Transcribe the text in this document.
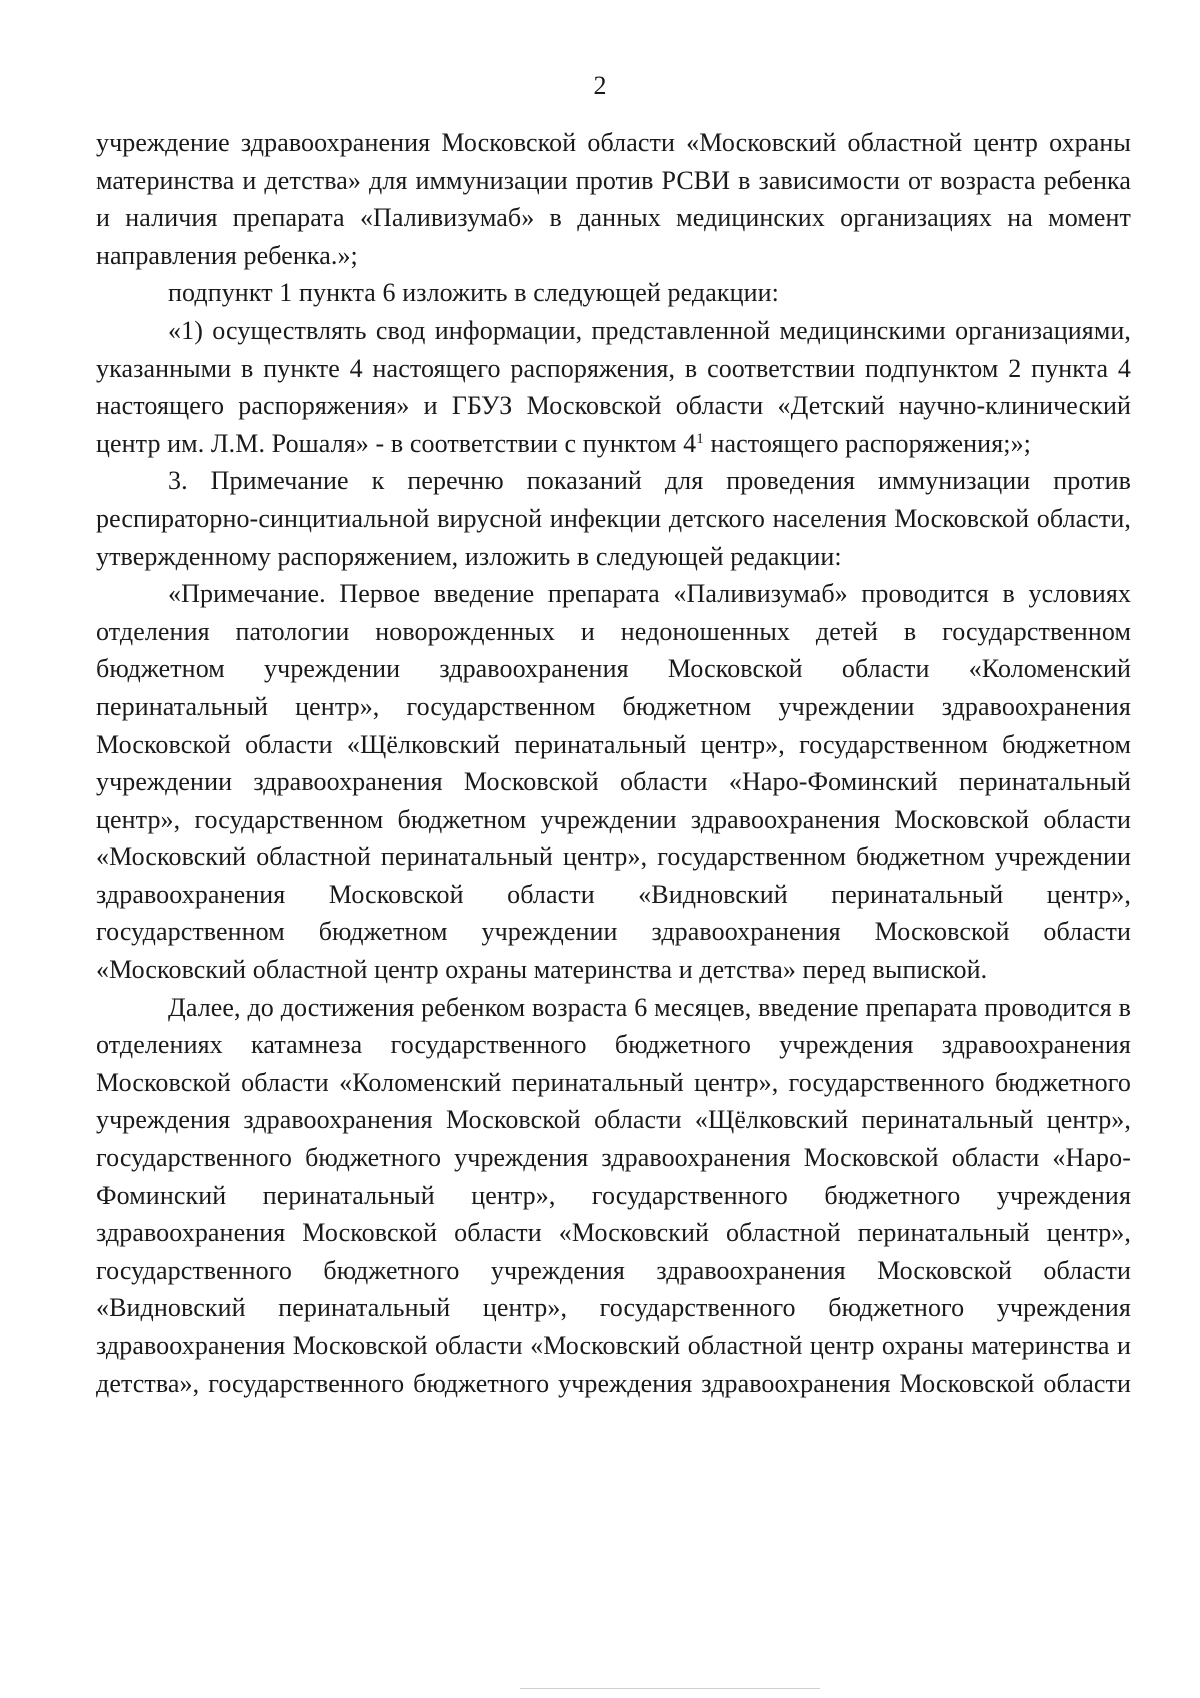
2

учреждение здравоохранения Московской области «Московский областной центр охраны материнства и детства» для иммунизации против РСВИ в зависимости от возраста ребенка и наличия препарата «Паливизумаб» в данных медицинских организациях на момент направления ребенка.»;

подпункт 1 пункта 6 изложить в следующей редакции:

«1) осуществлять свод информации, представленной медицинскими организациями, указанными в пункте 4 настоящего распоряжения, в соответствии подпунктом 2 пункта 4 настоящего распоряжения» и ГБУЗ Московской области «Детский научно-клинический центр им. Л.М. Рошаля» - в соответствии с пунктом $4^1$ настоящего распоряжения;»;

3. Примечание к перечню показаний для проведения иммунизации против респираторно-синцитиальной вирусной инфекции детского населения Московской области, утвержденному распоряжением, изложить в следующей редакции:

«Примечание. Первое введение препарата «Паливизумаб» проводится в условиях отделения патологии новорожденных и недоношенных детей в государственном бюджетном учреждении здравоохранения Московской области «Коломенский перинатальный центр», государственном бюджетном учреждении здравоохранения Московской области «Щёлковский перинатальный центр», государственном бюджетном учреждении здравоохранения Московской области «Наро-Фоминский перинатальный центр», государственном бюджетном учреждении здравоохранения Московской области «Московский областной перинатальный центр», государственном бюджетном учреждении здравоохранения Московской области «Видновский перинатальный центр», государственном бюджетном учреждении здравоохранения Московской области «Московский областной центр охраны материнства и детства» перед выпиской.

Далее, до достижения ребенком возраста 6 месяцев, введение препарата проводится в отделениях катамнеза государственного бюджетного учреждения здравоохранения Московской области «Коломенский перинатальный центр», государственного бюджетного учреждения здравоохранения Московской области «Щёлковский перинатальный центр», государственного бюджетного учреждения здравоохранения Московской области «Наро-Фоминский перинатальный центр», государственного бюджетного учреждения здравоохранения Московской области «Московский областной перинатальный центр», государственного бюджетного учреждения здравоохранения Московской области «Видновский перинатальный центр», государственного бюджетного учреждения здравоохранения Московской области «Московский областной центр охраны материнства и детства», государственного бюджетного учреждения здравоохранения Московской области
